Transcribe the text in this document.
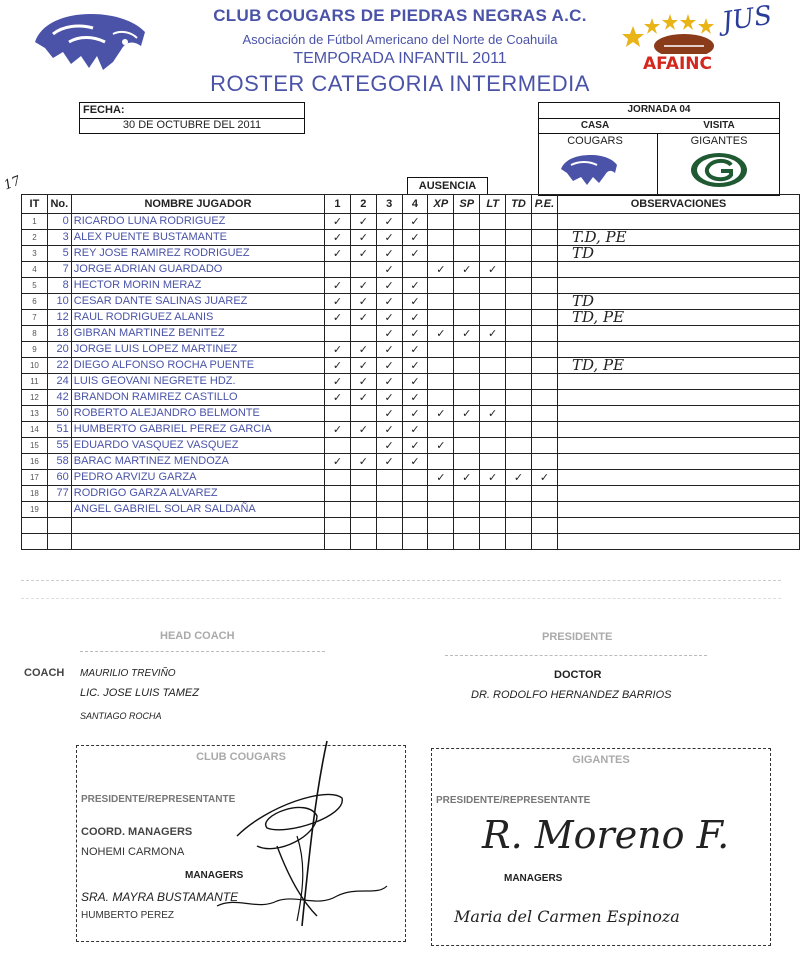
CLUB COUGARS DE PIEDRAS NEGRAS A.C.
Asociación de Fútbol Americano del Norte de Coahuila
TEMPORADA INFANTIL 2011
ROSTER CATEGORIA INTERMEDIA
AFAINC
JUS
FECHA:
30 DE OCTUBRE DEL 2011
JORNADA 04
CASA	VISITA
COUGARS	GIGANTES
17	AUSENCIA
IT	No.	NOMBRE JUGADOR	1	2	3	4	XP	SP	LT	TD	P.E.	OBSERVACIONES
1	0	RICARDO LUNA RODRIGUEZ	✓	✓	✓	✓						
2	3	ALEX PUENTE BUSTAMANTE	✓	✓	✓	✓						T.D, PE
3	5	REY JOSE RAMIREZ RODRIGUEZ	✓	✓	✓	✓						TD
4	7	JORGE ADRIAN GUARDADO			✓		✓	✓	✓			
5	8	HECTOR MORIN MERAZ	✓	✓	✓	✓						
6	10	CESAR DANTE SALINAS JUAREZ	✓	✓	✓	✓						TD
7	12	RAUL RODRIGUEZ ALANIS	✓	✓	✓	✓						TD, PE
8	18	GIBRAN MARTINEZ BENITEZ			✓	✓	✓	✓	✓			
9	20	JORGE LUIS LOPEZ MARTINEZ	✓	✓	✓	✓						
10	22	DIEGO ALFONSO ROCHA PUENTE	✓	✓	✓	✓						TD, PE
11	24	LUIS GEOVANI NEGRETE HDZ.	✓	✓	✓	✓						
12	42	BRANDON RAMIREZ CASTILLO	✓	✓	✓	✓						
13	50	ROBERTO ALEJANDRO BELMONTE			✓	✓	✓	✓	✓			
14	51	HUMBERTO GABRIEL PEREZ GARCIA	✓	✓	✓	✓						
15	55	EDUARDO VASQUEZ VASQUEZ			✓	✓	✓					
16	58	BARAC MARTINEZ MENDOZA	✓	✓	✓	✓						
17	60	PEDRO ARVIZU GARZA					✓	✓	✓	✓	✓	
18	77	RODRIGO GARZA ALVAREZ										
19		ANGEL GABRIEL SOLAR SALDAÑA										

HEAD COACH	PRESIDENTE
COACH MAURILIO TREVIÑO	DOCTOR
LIC. JOSE LUIS TAMEZ	DR. RODOLFO HERNANDEZ BARRIOS
SANTIAGO ROCHA
CLUB COUGARS
PRESIDENTE/REPRESENTANTE
COORD. MANAGERS
NOHEMI CARMONA
MANAGERS
SRA. MAYRA BUSTAMANTE
HUMBERTO PEREZ
GIGANTES
PRESIDENTE/REPRESENTANTE
R. Moreno F.
MANAGERS
Maria del Carmen Espinoza
